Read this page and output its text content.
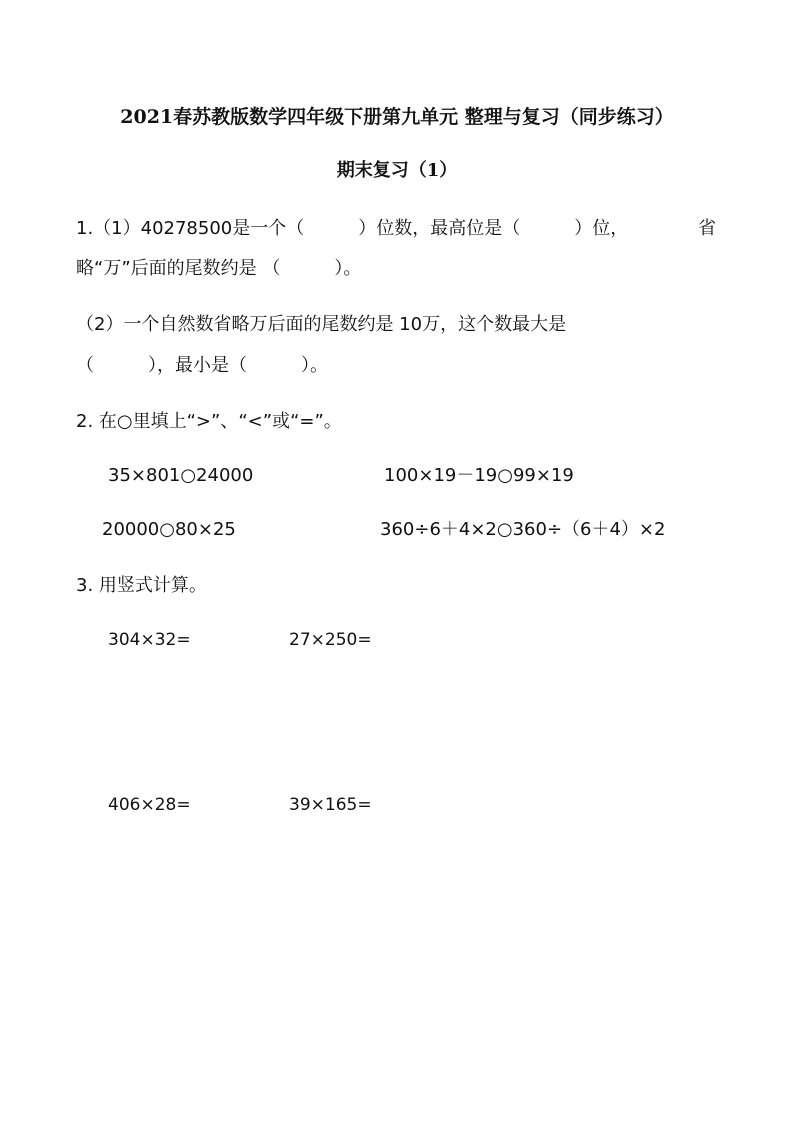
2021春苏教版数学四年级下册第九单元 整理与复习（同步练习）
期末复习（1）
1.（1）40278500是一个（　　　）位数，最高位是（　　　）位，	省
略“万”后面的尾数约是 （　　　）。
（2）一个自然数省略万后面的尾数约是 10万，这个数最大是
（　　　），最小是（　　　）。
2. 在○里填上“>”、“<”或“=”。
35×801○24000	100×19－19○99×19
20000○80×25	360÷6＋4×2○360÷（6＋4）×2
3. 用竖式计算。
304×32=	27×250=
406×28=	39×165=
